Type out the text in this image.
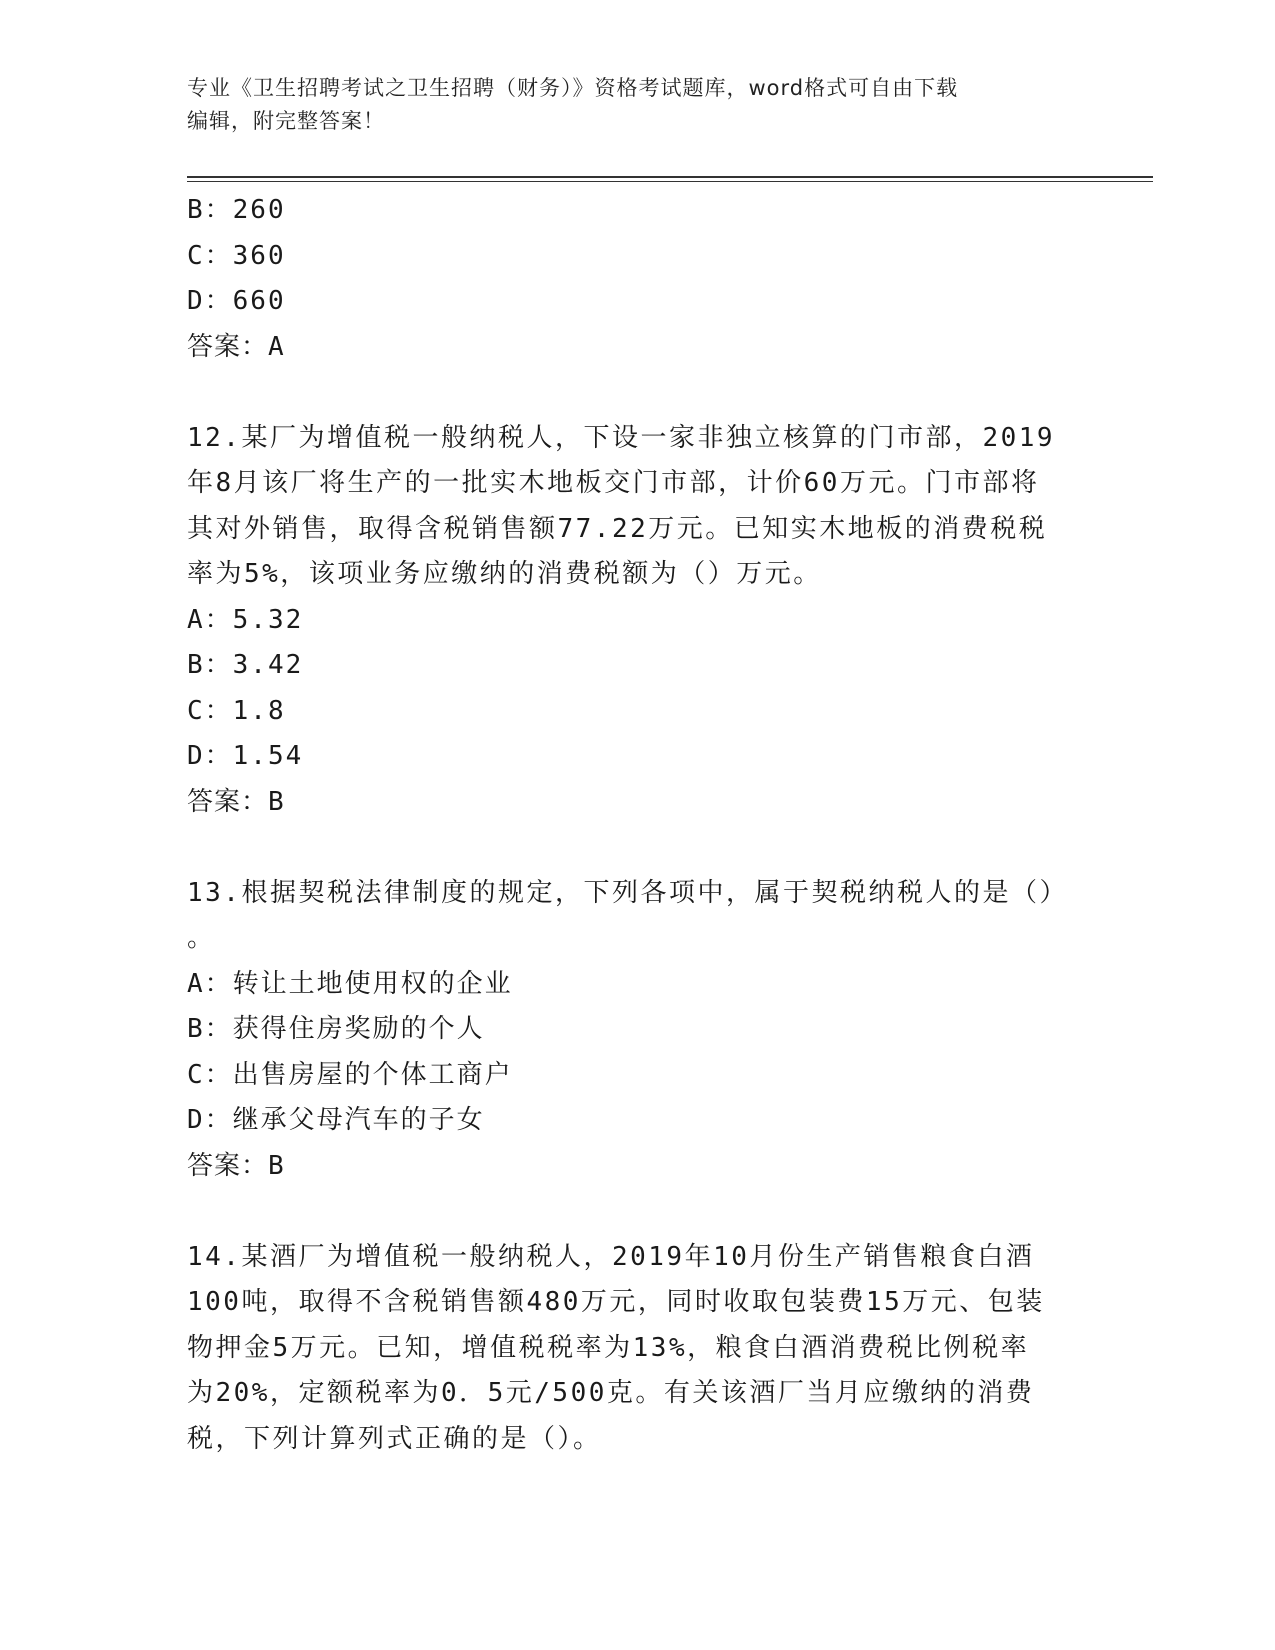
专业《卫生招聘考试之卫生招聘（财务）》资格考试题库，word格式可自由下载
编辑，附完整答案！
B：260
C：360
D：660
答案：A
12.某厂为增值税一般纳税人，下设一家非独立核算的门市部，2019
年8月该厂将生产的一批实木地板交门市部，计价60万元。门市部将
其对外销售，取得含税销售额77.22万元。已知实木地板的消费税税
率为5%，该项业务应缴纳的消费税额为（）万元。
A：5.32
B：3.42
C：1.8
D：1.54
答案：B
13.根据契税法律制度的规定，下列各项中，属于契税纳税人的是（）
。
A：转让土地使用权的企业
B：获得住房奖励的个人
C：出售房屋的个体工商户
D：继承父母汽车的子女
答案：B
14.某酒厂为增值税一般纳税人，2019年10月份生产销售粮食白酒
100吨，取得不含税销售额480万元，同时收取包装费15万元、包装
物押金5万元。已知，增值税税率为13%，粮食白酒消费税比例税率
为20%，定额税率为0．5元/500克。有关该酒厂当月应缴纳的消费
税，下列计算列式正确的是（）。
